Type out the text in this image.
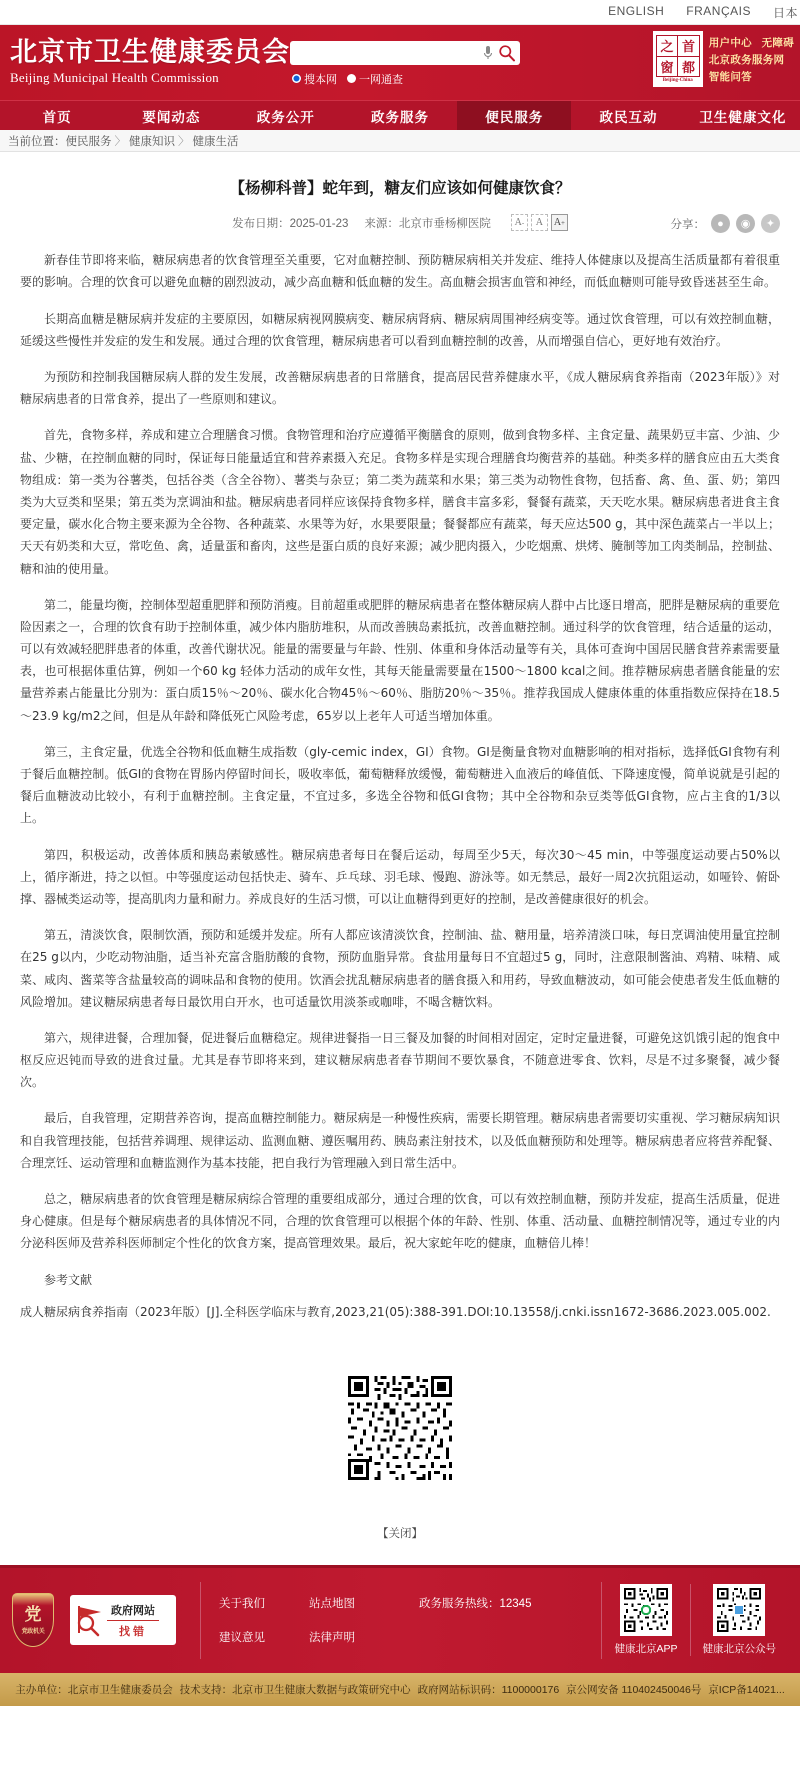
ENGLISH FRANÇAIS 日本
北京市卫生健康委员会
Beijing Municipal Health Commission	搜本网 一网通查
之 首
窗 都
Beijing-China
用户中心 无障碍
北京政务服务网
智能问答
首页	要闻动态	政务公开	政务服务	便民服务	政民互动	卫生健康文化
当前位置： 便民服务 〉 健康知识 〉 健康生活
【杨柳科普】蛇年到，糖友们应该如何健康饮食？
发布日期：2025-01-23 来源：北京市垂杨柳医院	A -	A	A +	分享：	●	◉	✦

新春佳节即将来临，糖尿病患者的饮食管理至关重要，它对血糖控制、预防糖尿病相关并发症、维持人体健康以及提高生活质量都有着很重要的影响。合理的饮食可以避免血糖的剧烈波动，减少高血糖和低血糖的发生。高血糖会损害血管和神经，而低血糖则可能导致昏迷甚至生命。

长期高血糖是糖尿病并发症的主要原因，如糖尿病视网膜病变、糖尿病肾病、糖尿病周围神经病变等。通过饮食管理，可以有效控制血糖，延缓这些慢性并发症的发生和发展。通过合理的饮食管理，糖尿病患者可以看到血糖控制的改善，从而增强自信心，更好地有效治疗。

为预防和控制我国糖尿病人群的发生发展，改善糖尿病患者的日常膳食，提高居民营养健康水平，《成人糖尿病食养指南（2023年版）》对糖尿病患者的日常食养，提出了一些原则和建议。

首先，食物多样，养成和建立合理膳食习惯。食物管理和治疗应遵循平衡膳食的原则，做到食物多样、主食定量、蔬果奶豆丰富、少油、少盐、少糖，在控制血糖的同时，保证每日能量适宜和营养素摄入充足。食物多样是实现合理膳食均衡营养的基础。种类多样的膳食应由五大类食物组成：第一类为谷薯类，包括谷类（含全谷物）、薯类与杂豆；第二类为蔬菜和水果；第三类为动物性食物，包括畜、禽、鱼、蛋、奶；第四类为大豆类和坚果；第五类为烹调油和盐。糖尿病患者同样应该保持食物多样，膳食丰富多彩，餐餐有蔬菜，天天吃水果。糖尿病患者进食主食要定量，碳水化合物主要来源为全谷物、各种蔬菜、水果等为好，水果要限量；餐餐都应有蔬菜，每天应达500 g，其中深色蔬菜占一半以上；天天有奶类和大豆，常吃鱼、禽，适量蛋和畜肉，这些是蛋白质的良好来源；减少肥肉摄入，少吃烟熏、烘烤、腌制等加工肉类制品，控制盐、糖和油的使用量。

第二，能量均衡，控制体型超重肥胖和预防消瘦。目前超重或肥胖的糖尿病患者在整体糖尿病人群中占比逐日增高，肥胖是糖尿病的重要危险因素之一，合理的饮食有助于控制体重，减少体内脂肪堆积，从而改善胰岛素抵抗，改善血糖控制。通过科学的饮食管理，结合适量的运动，可以有效减轻肥胖患者的体重，改善代谢状况。能量的需要量与年龄、性别、体重和身体活动量等有关，具体可查询中国居民膳食营养素需要量表，也可根据体重估算，例如一个60 kg 轻体力活动的成年女性，其每天能量需要量在1500～1800 kcal之间。推荐糖尿病患者膳食能量的宏量营养素占能量比分别为：蛋白质15％～20％、碳水化合物45％～60％、脂肪20％～35％。推荐我国成人健康体重的体重指数应保持在18.5～23.9 kg/m2之间，但是从年龄和降低死亡风险考虑，65岁以上老年人可适当增加体重。

第三，主食定量，优选全谷物和低血糖生成指数（gly-cemic index，GI）食物。GI是衡量食物对血糖影响的相对指标，选择低GI食物有利于餐后血糖控制。低GI的食物在胃肠内停留时间长，吸收率低，葡萄糖释放缓慢，葡萄糖进入血液后的峰值低、下降速度慢，简单说就是引起的餐后血糖波动比较小，有利于血糖控制。主食定量，不宜过多，多选全谷物和低GI食物；其中全谷物和杂豆类等低GI食物，应占主食的1/3以上。

第四，积极运动，改善体质和胰岛素敏感性。糖尿病患者每日在餐后运动，每周至少5天，每次30～45 min，中等强度运动要占50%以上，循序渐进，持之以恒。中等强度运动包括快走、骑车、乒乓球、羽毛球、慢跑、游泳等。如无禁忌，最好一周2次抗阻运动，如哑铃、俯卧撑、器械类运动等，提高肌肉力量和耐力。养成良好的生活习惯，可以让血糖得到更好的控制，是改善健康很好的机会。

第五，清淡饮食，限制饮酒，预防和延缓并发症。所有人都应该清淡饮食，控制油、盐、糖用量，培养清淡口味，每日烹调油使用量宜控制在25 g以内，少吃动物油脂，适当补充富含脂肪酸的食物，预防血脂异常。食盐用量每日不宜超过5 g，同时，注意限制酱油、鸡精、味精、咸菜、咸肉、酱菜等含盐量较高的调味品和食物的使用。饮酒会扰乱糖尿病患者的膳食摄入和用药，导致血糖波动，如可能会使患者发生低血糖的风险增加。建议糖尿病患者每日最饮用白开水，也可适量饮用淡茶或咖啡，不喝含糖饮料。

第六，规律进餐，合理加餐，促进餐后血糖稳定。规律进餐指一日三餐及加餐的时间相对固定，定时定量进餐，可避免这饥饿引起的饱食中枢反应迟钝而导致的进食过量。尤其是春节即将来到，建议糖尿病患者春节期间不要饮暴食，不随意进零食、饮料，尽是不过多聚餐，减少餐次。

最后，自我管理，定期营养咨询，提高血糖控制能力。糖尿病是一种慢性疾病，需要长期管理。糖尿病患者需要切实重视、学习糖尿病知识和自我管理技能，包括营养调理、规律运动、监测血糖、遵医嘱用药、胰岛素注射技术，以及低血糖预防和处理等。糖尿病患者应将营养配餐、合理烹饪、运动管理和血糖监测作为基本技能，把自我行为管理融入到日常生活中。

总之，糖尿病患者的饮食管理是糖尿病综合管理的重要组成部分，通过合理的饮食，可以有效控制血糖，预防并发症，提高生活质量，促进身心健康。但是每个糖尿病患者的具体情况不同，合理的饮食管理可以根据个体的年龄、性别、体重、活动量、血糖控制情况等，通过专业的内分泌科医师及营养科医师制定个性化的饮食方案，提高管理效果。最后，祝大家蛇年吃的健康，血糖倍儿棒！

参考文献

成人糖尿病食养指南（2023年版）[J].全科医学临床与教育,2023,21(05):388-391.DOI:10.13558/j.cnki.issn1672-3686.2023.005.002.

【关闭】
党
党政机关
政府网站
找错
关于我们	站点地图	政务服务热线：12345
建议意见	法律声明
健康北京APP 健康北京公众号
主办单位：北京市卫生健康委员会 技术支持：北京市卫生健康大数据与政策研究中心 政府网站标识码：1100000176 京公网安备 110402450046号 京ICP备14021...
